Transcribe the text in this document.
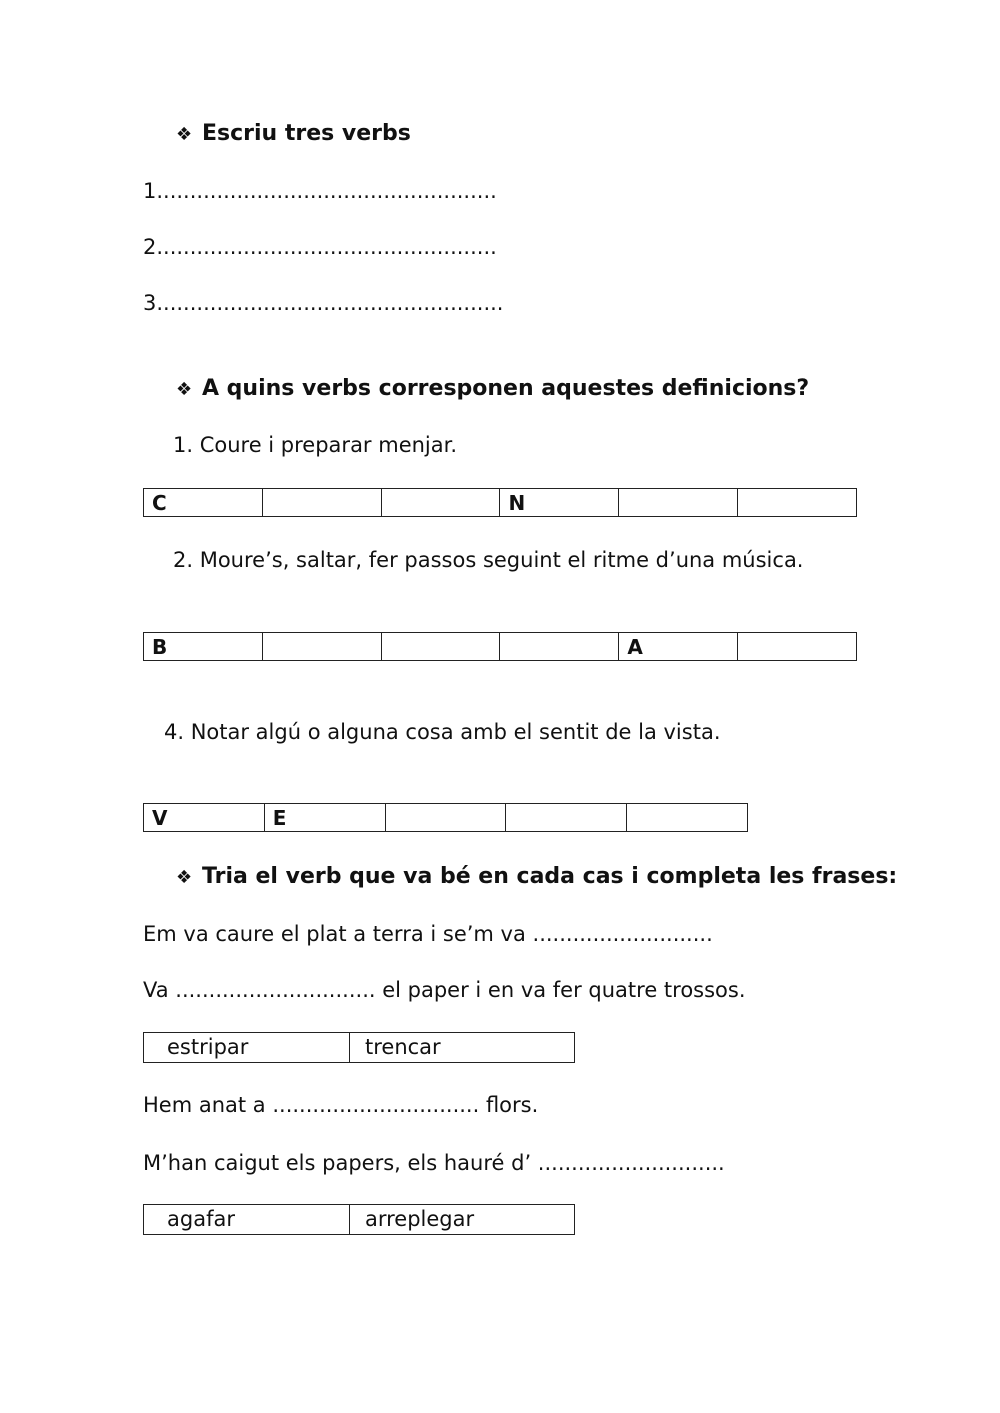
❖ Escriu tres verbs
1...................................................
2...................................................
3....................................................
❖ A quins verbs corresponen aquestes definicions?
1. Coure i preparar menjar.
C			N		
2. Moure’s, saltar, fer passos seguint el ritme d’una música.
B				A	
4. Notar algú o alguna cosa amb el sentit de la vista.
V	E			
❖ Tria el verb que va bé en cada cas i completa les frases:
Em va caure el plat a terra i se’m va ...........................
Va .............................. el paper i en va fer quatre trossos.
estripar	trencar
Hem anat a ............................... flors.
M’han caigut els papers, els hauré d’ ............................
agafar	arreplegar
